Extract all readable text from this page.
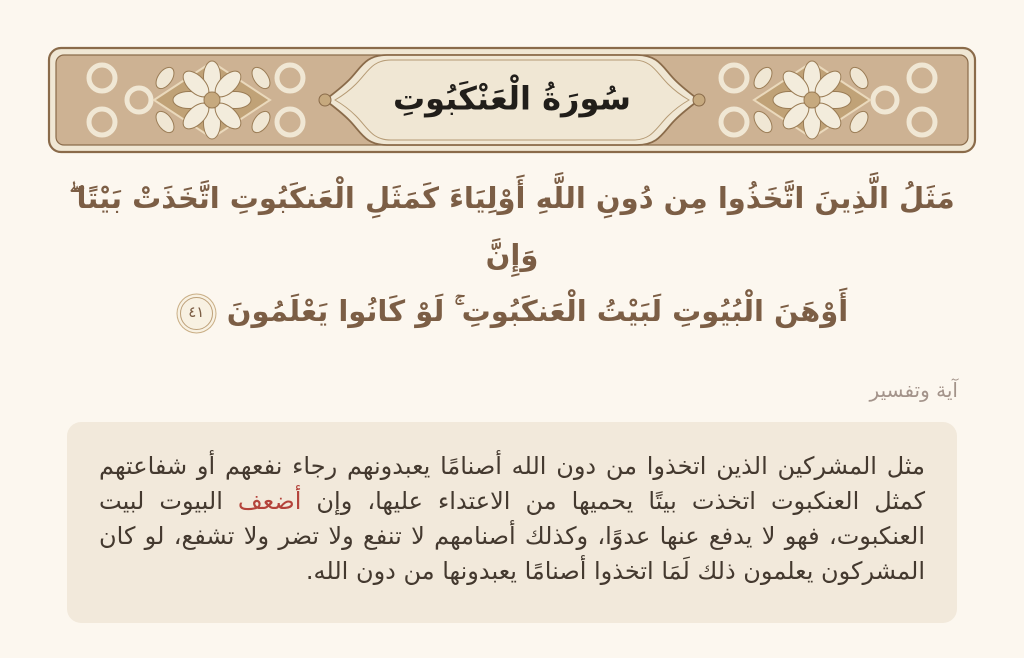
سُورَةُ الْعَنْكَبُوتِ
مَثَلُ الَّذِينَ اتَّخَذُوا مِن دُونِ اللَّهِ أَوْلِيَاءَ كَمَثَلِ الْعَنكَبُوتِ اتَّخَذَتْ بَيْتًا ۖ وَإِنَّ
أَوْهَنَ الْبُيُوتِ لَبَيْتُ الْعَنكَبُوتِ ۚ لَوْ كَانُوا يَعْلَمُونَ
٤١
آية وتفسير

مثل المشركين الذين اتخذوا من دون الله أصنامًا يعبدونهم رجاء نفعهم أو شفاعتهم كمثل العنكبوت اتخذت بيتًا يحميها من الاعتداء عليها، وإن أضعف البيوت لبيت العنكبوت، فهو لا يدفع عنها عدوًا، وكذلك أصنامهم لا تنفع ولا تضر ولا تشفع، لو كان المشركون يعلمون ذلك لَمَا اتخذوا أصنامًا يعبدونها من دون الله.
